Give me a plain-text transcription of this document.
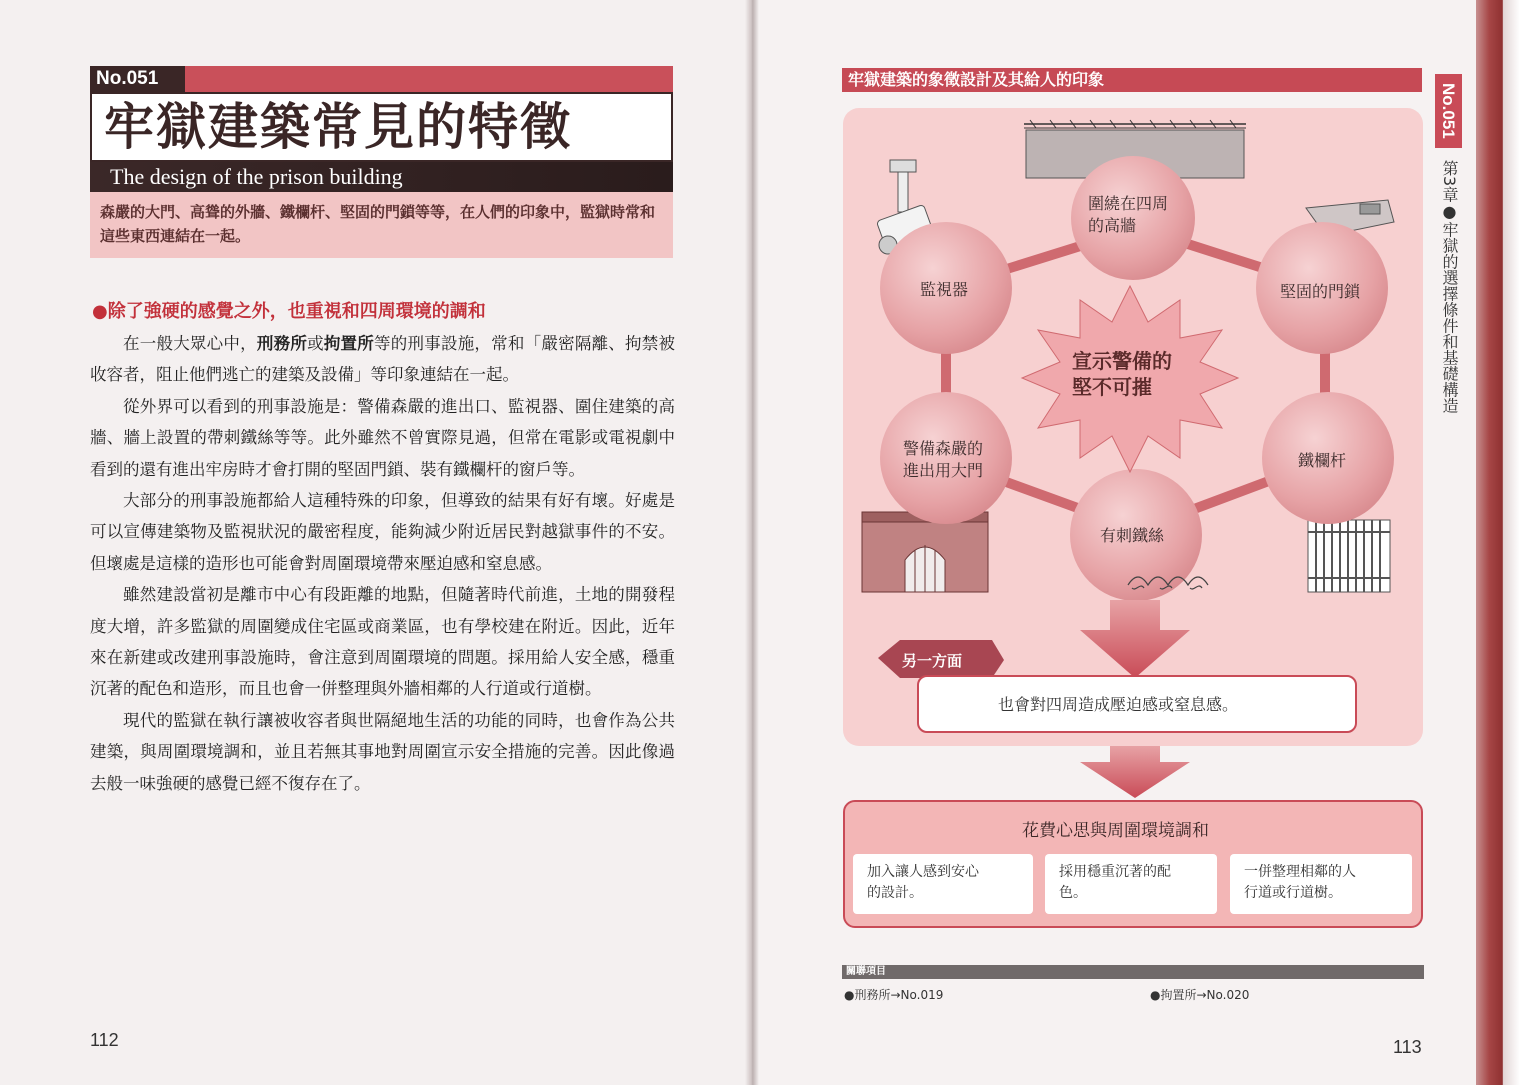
No.051
牢獄建築常見的特徵
The design of the prison building
森嚴的大門、高聳的外牆、鐵欄杆、堅固的門鎖等等，在人們的印象中，監獄時常和這些東西連結在一起。
●除了強硬的感覺之外，也重視和四周環境的調和

在一般大眾心中，刑務所或拘置所等的刑事設施，常和「嚴密隔離、拘禁被收容者，阻止他們逃亡的建築及設備」等印象連結在一起。

從外界可以看到的刑事設施是：警備森嚴的進出口、監視器、圍住建築的高牆、牆上設置的帶刺鐵絲等等。此外雖然不曾實際見過，但常在電影或電視劇中看到的還有進出牢房時才會打開的堅固門鎖、裝有鐵欄杆的窗戶等。

大部分的刑事設施都給人這種特殊的印象，但導致的結果有好有壞。好處是可以宣傳建築物及監視狀況的嚴密程度，能夠減少附近居民對越獄事件的不安。但壞處是這樣的造形也可能會對周圍環境帶來壓迫感和窒息感。

雖然建設當初是離市中心有段距離的地點，但隨著時代前進，土地的開發程度大增，許多監獄的周圍變成住宅區或商業區，也有學校建在附近。因此，近年來在新建或改建刑事設施時，會注意到周圍環境的問題。採用給人安全感，穩重沉著的配色和造形，而且也會一併整理與外牆相鄰的人行道或行道樹。

現代的監獄在執行讓被收容者與世隔絕地生活的功能的同時，也會作為公共建築，與周圍環境調和，並且若無其事地對周圍宣示安全措施的完善。因此像過去般一味強硬的感覺已經不復存在了。

112
牢獄建築的象徵設計及其給人的印象
圍繞在四周
的高牆
監視器	堅固的門鎖
警備森嚴的
進出用大門
鐵欄杆
有刺鐵絲
宣示警備的
堅不可摧
另一方面
也會對四周造成壓迫感或窒息感。
花費心思與周圍環境調和
加入讓人感到安心
的設計。
採用穩重沉著的配
色。
一併整理相鄰的人
行道或行道樹。
關聯項目
●刑務所→No.019	●拘置所→No.020
113
No.051
第3章●牢獄的選擇條件和基礎構造
